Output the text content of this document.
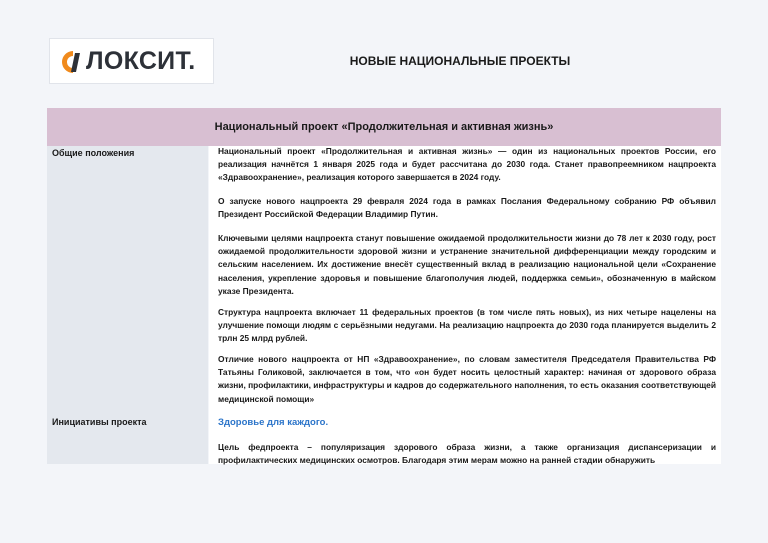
ЛОКСИТ.	НОВЫЕ НАЦИОНАЛЬНЫЕ ПРОЕКТЫ
Национальный проект «Продолжительная и активная жизнь»
Общие положения
Инициативы проекта

Национальный проект «Продолжительная и активная жизнь» — один из национальных проектов России, его реализация начнётся 1 января 2025 года и будет рассчитана до 2030 года. Станет правопреемником нацпроекта «Здравоохранение», реализация которого завершается в 2024 году.

О запуске нового нацпроекта 29 февраля 2024 года в рамках Послания Федеральному собранию РФ объявил Президент Российской Федерации Владимир Путин.

Ключевыми целями нацпроекта станут повышение ожидаемой продолжительности жизни до 78 лет к 2030 году, рост ожидаемой продолжительности здоровой жизни и устранение значительной дифференциации между городским и сельским населением. Их достижение внесёт существенный вклад в реализацию национальной цели «Сохранение населения, укрепление здоровья и повышение благополучия людей, поддержка семьи», обозначенную в майском указе Президента.

Структура нацпроекта включает 11 федеральных проектов (в том числе пять новых), из них четыре нацелены на улучшение помощи людям с серьёзными недугами. На реализацию нацпроекта до 2030 года планируется выделить 2 трлн 25 млрд рублей.

Отличие нового нацпроекта от НП «Здравоохранение», по словам заместителя Председателя Правительства РФ Татьяны Голиковой, заключается в том, что «он будет носить целостный характер: начиная от здорового образа жизни, профилактики, инфраструктуры и кадров до содержательного наполнения, то есть оказания соответствующей медицинской помощи»

Здоровье для каждого.

Цель федпроекта – популяризация здорового образа жизни, а также организация диспансеризации и профилактических медицинских осмотров. Благодаря этим мерам можно на ранней стадии обнаружить
